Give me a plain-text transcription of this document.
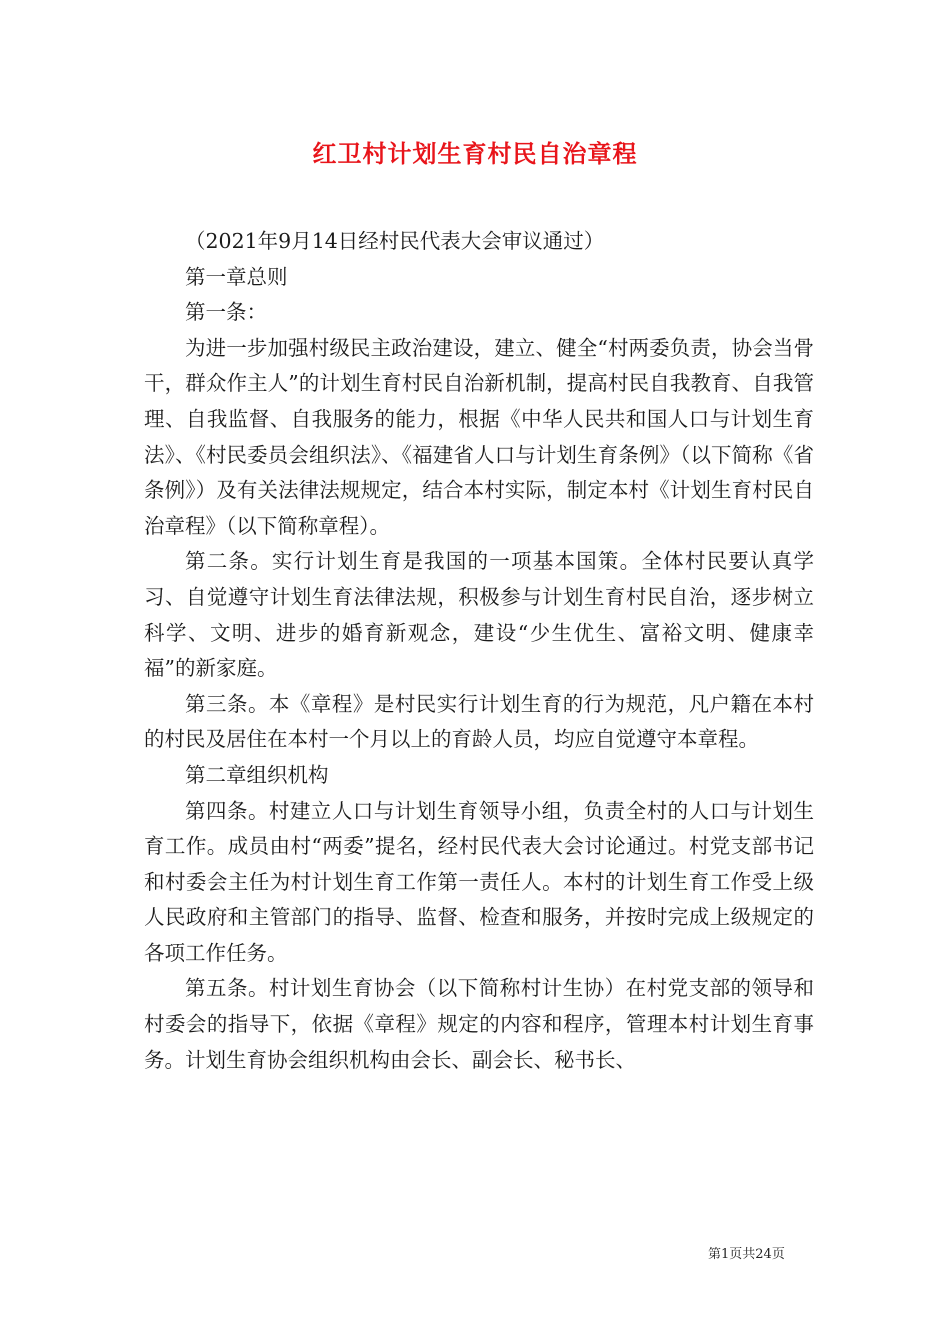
红卫村计划生育村民自治章程

（2021年9月14日经村民代表大会审议通过）

第一章总则

第一条：

为进一步加强村级民主政治建设，建立、健全“村两委负责，协会当骨干，群众作主人”的计划生育村民自治新机制，提高村民自我教育、自我管理、自我监督、自我服务的能力，根据《中华人民共和国人口与计划生育法》、《村民委员会组织法》、《福建省人口与计划生育条例》（以下简称《省条例》）及有关法律法规规定，结合本村实际，制定本村《计划生育村民自治章程》（以下简称章程）。

第二条。实行计划生育是我国的一项基本国策。全体村民要认真学习、自觉遵守计划生育法律法规，积极参与计划生育村民自治，逐步树立科学、文明、进步的婚育新观念，建设“少生优生、富裕文明、健康幸福”的新家庭。

第三条。本《章程》是村民实行计划生育的行为规范，凡户籍在本村的村民及居住在本村一个月以上的育龄人员，均应自觉遵守本章程。

第二章组织机构

第四条。村建立人口与计划生育领导小组，负责全村的人口与计划生育工作。成员由村“两委”提名，经村民代表大会讨论通过。村党支部书记和村委会主任为村计划生育工作第一责任人。本村的计划生育工作受上级人民政府和主管部门的指导、监督、检查和服务，并按时完成上级规定的各项工作任务。

第五条。村计划生育协会（以下简称村计生协）在村党支部的领导和村委会的指导下，依据《章程》规定的内容和程序，管理本村计划生育事务。计划生育协会组织机构由会长、副会长、秘书长、

第1页共24页
